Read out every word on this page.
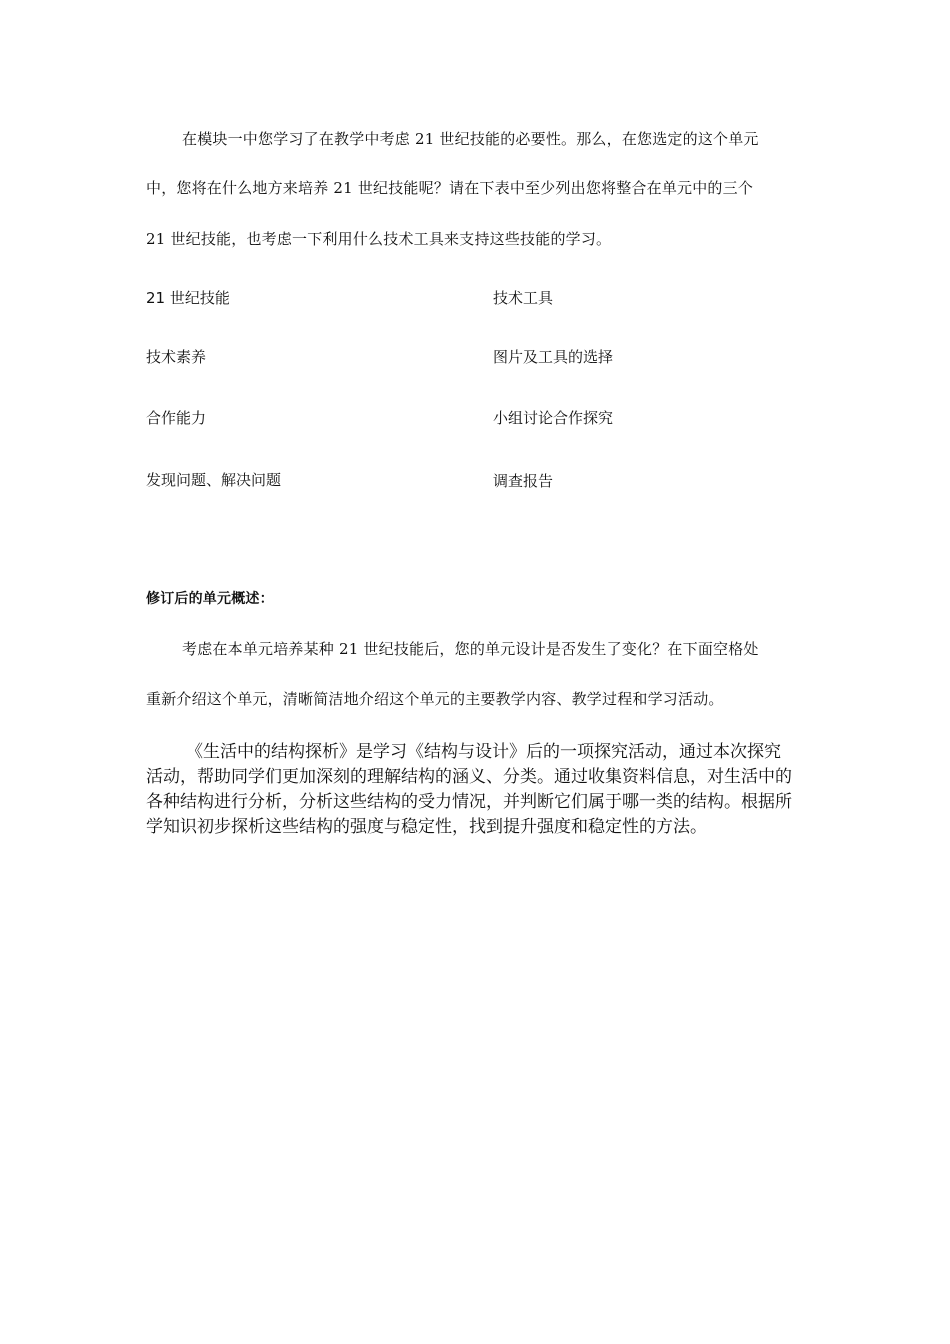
在模块一中您学习了在教学中考虑 21 世纪技能的必要性。那么，在您选定的这个单元
中，您将在什么地方来培养 21 世纪技能呢？请在下表中至少列出您将整合在单元中的三个
21 世纪技能，也考虑一下利用什么技术工具来支持这些技能的学习。
21 世纪技能	技术工具
技术素养	图片及工具的选择
合作能力	小组讨论合作探究
发现问题、解决问题	调查报告
修订后的单元概述：
考虑在本单元培养某种 21 世纪技能后，您的单元设计是否发生了变化？在下面空格处
重新介绍这个单元，清晰简洁地介绍这个单元的主要教学内容、教学过程和学习活动。
《生活中的结构探析》是学习《结构与设计》后的一项探究活动，通过本次探究活动，帮助同学们更加深刻的理解结构的涵义、分类。通过收集资料信息，对生活中的各种结构进行分析，分析这些结构的受力情况，并判断它们属于哪一类的结构。根据所学知识初步探析这些结构的强度与稳定性，找到提升强度和稳定性的方法。
